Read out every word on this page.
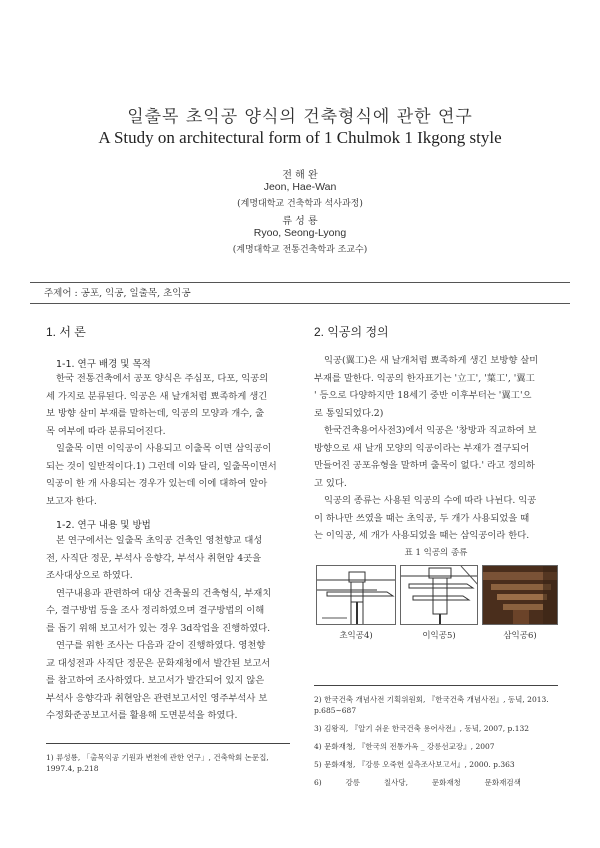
일출목 초익공 양식의 건축형식에 관한 연구
A Study on architectural form of 1 Chulmok 1 Ikgong style
전 해 완
Jeon, Hae-Wan
(계명대학교 건축학과 석사과정)
류 성 룡
Ryoo, Seong-Lyong
(계명대학교 전통건축학과 조교수)
주제어 : 공포, 익공, 일출목, 초익공
1. 서 론
1-1. 연구 배경 및 목적

한국 전통건축에서 공포 양식은 주심포, 다포, 익공의

세 가지로 분류된다. 익공은 새 날개처럼 뾰족하게 생긴

보 방향 살미 부재를 말하는데, 익공의 모양과 개수, 출

목 여부에 따라 분류되어진다.

일출목 이면 이익공이 사용되고 이출목 이면 삼익공이

되는 것이 일반적이다.1) 그런데 이와 달리, 일출목이면서

익공이 한 개 사용되는 경우가 있는데 이에 대하여 알아

보고자 한다.

1-2. 연구 내용 및 방법

본 연구에서는 일출목 초익공 건축인 영천향교 대성

전, 사직단 정문, 부석사 응향각, 부석사 취현암 4곳을

조사대상으로 하였다.

연구내용과 관련하여 대상 건축물의 건축형식, 부재치

수, 결구방법 등을 조사 정리하였으며 결구방법의 이해

를 돕기 위해 보고서가 있는 경우 3d작업을 진행하였다.

연구를 위한 조사는 다음과 같이 진행하였다. 영천향

교 대성전과 사직단 정문은 문화재청에서 발간된 보고서

를 참고하여 조사하였다. 보고서가 발간되어 있지 않은

부석사 응향각과 취현암은 관련보고서인 영주부석사 보

수정화준공보고서를 활용해 도면분석을 하였다.

1) 류성룡, 「출목익공 기원과 변천에 관한 연구」, 건축학회 논문집, 1997.4, p.218
2. 익공의 정의

익공(翼工)은 새 날개처럼 뾰족하게 생긴 보방향 살미

부재를 말한다. 익공의 한자표기는 '立工', '葉工', '翼工

' 등으로 다양하지만 18세기 중반 이후부터는 '翼工'으

로 통일되었다.2)

한국건축용어사전3)에서 익공은 '창방과 직교하여 보

방향으로 새 날개 모양의 익공이라는 부재가 결구되어

만들어진 공포유형을 말하며 출목이 없다.' 라고 정의하

고 있다.

익공의 종류는 사용된 익공의 수에 따라 나뉜다. 익공

이 하나만 쓰였을 때는 초익공, 두 개가 사용되었을 때

는 이익공, 세 개가 사용되었을 때는 삼익공이라 한다.

표 1 익공의 종류
초익공4)	이익공5)	삼익공6)
2) 한국건축 개념사전 기획위원회, 『한국건축 개념사전』, 동녘, 2013. p.685~687
3) 김왕직, 『알기 쉬운 한국건축 용어사전』, 동녘, 2007, p.132
4) 문화재청, 『한국의 전통가옥 _ 강릉선교장』, 2007
5) 문화재청, 『강릉 오죽헌 실측조사보고서』, 2000. p.363
6)          강릉          칠사당,          문화재청          문화재검색
